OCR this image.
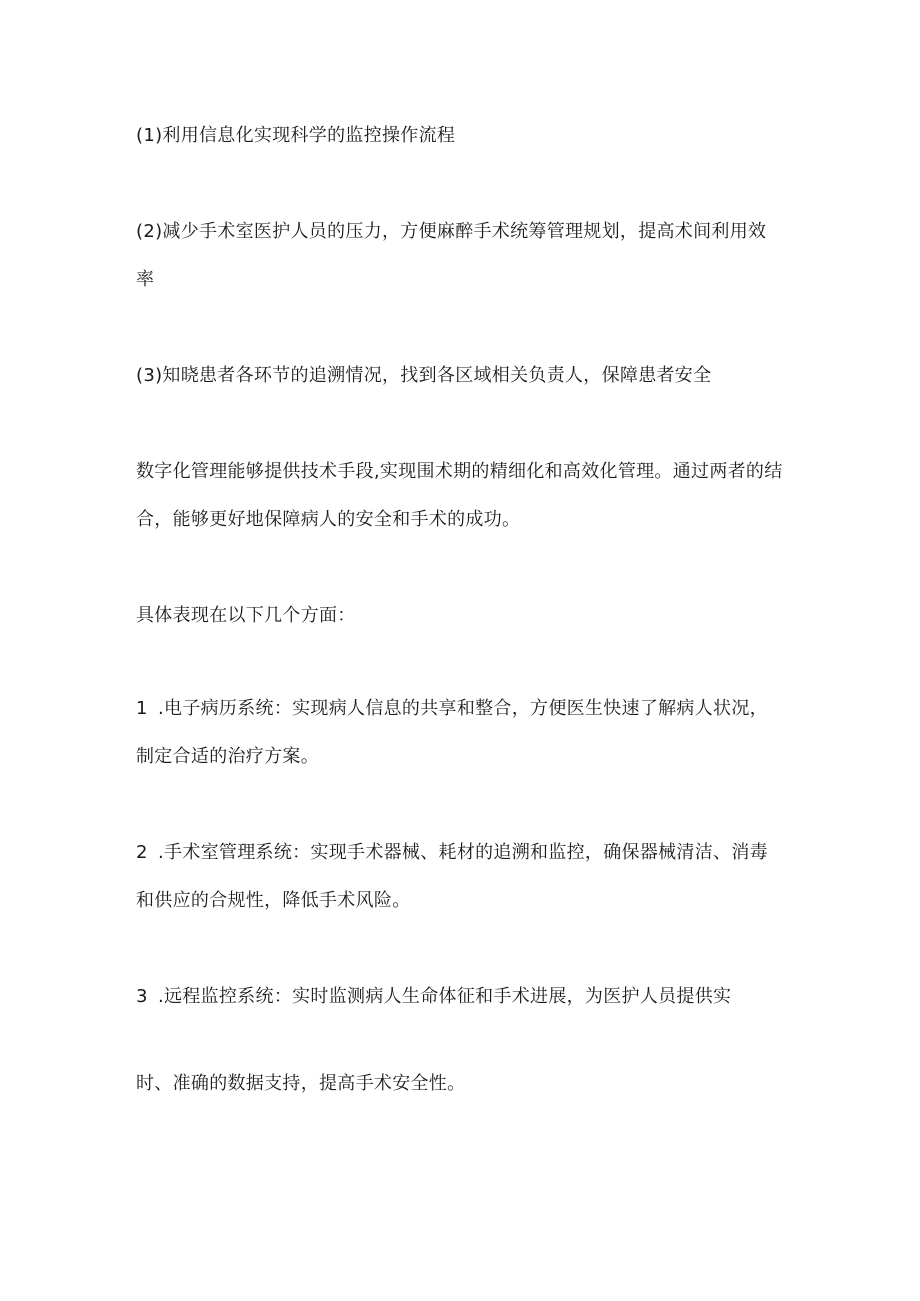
(1)利用信息化实现科学的监控操作流程
(2)减少手术室医护人员的压力，方便麻醉手术统筹管理规划，提高术间利用效
率
(3)知晓患者各环节的追溯情况，找到各区域相关负责人，保障患者安全
数字化管理能够提供技术手段,实现围术期的精细化和高效化管理。通过两者的结
合，能够更好地保障病人的安全和手术的成功。
具体表现在以下几个方面：
1 .电子病历系统：实现病人信息的共享和整合，方便医生快速了解病人状况，
制定合适的治疗方案。
2 .手术室管理系统：实现手术器械、耗材的追溯和监控，确保器械清洁、消毒
和供应的合规性，降低手术风险。
3 .远程监控系统：实时监测病人生命体征和手术进展，为医护人员提供实
时、准确的数据支持，提高手术安全性。
